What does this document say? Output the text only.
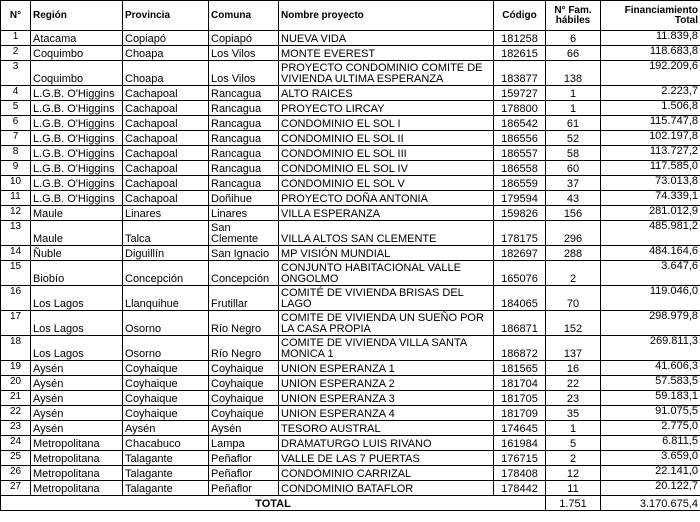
N°	Región	Provincia	Comuna	Nombre proyecto	Código	N° Fam. hábiles	Financiamiento Total
1	Atacama	Copiapó	Copiapó	NUEVA VIDA	181258	6	11.839,8
2	Coquimbo	Choapa	Los Vilos	MONTE EVEREST	182615	66	118.683,8
3	Coquimbo	Choapa	Los Vilos	PROYECTO CONDOMINIO COMITE DE VIVIENDA ULTIMA ESPERANZA	183877	138	192.209,6
4	L.G.B. O'Higgins	Cachapoal	Rancagua	ALTO RAICES	159727	1	2.223,7
5	L.G.B. O'Higgins	Cachapoal	Rancagua	PROYECTO LIRCAY	178800	1	1.506,8
6	L.G.B. O'Higgins	Cachapoal	Rancagua	CONDOMINIO EL SOL I	186542	61	115.747,8
7	L.G.B. O'Higgins	Cachapoal	Rancagua	CONDOMINIO EL SOL II	186556	52	102.197,8
8	L.G.B. O'Higgins	Cachapoal	Rancagua	CONDOMINIO EL SOL III	186557	58	113.727,2
9	L.G.B. O'Higgins	Cachapoal	Rancagua	CONDOMINIO EL SOL IV	186558	60	117.585,0
10	L.G.B. O'Higgins	Cachapoal	Rancagua	CONDOMINIO EL SOL V	186559	37	73.013,8
11	L.G.B. O'Higgins	Cachapoal	Doñihue	PROYECTO DOÑA ANTONIA	179594	43	74.339,1
12	Maule	Linares	Linares	VILLA ESPERANZA	159826	156	281.012,9
13	Maule	Talca	San Clemente	VILLA ALTOS SAN CLEMENTE	178175	296	485.981,2
14	Ñuble	Diguillín	San Ignacio	MP VISIÓN MUNDIAL	182697	288	484.164,6
15	Biobío	Concepción	Concepción	CONJUNTO HABITACIONAL VALLE ONGOLMO	165076	2	3.647,6
16	Los Lagos	Llanquihue	Frutillar	COMITÉ DE VIVIENDA BRISAS DEL LAGO	184065	70	119.046,0
17	Los Lagos	Osorno	Río Negro	COMITE DE VIVIENDA UN SUEÑO POR LA CASA PROPIA	186871	152	298.979,8
18	Los Lagos	Osorno	Río Negro	COMITE DE VIVIENDA VILLA SANTA MONICA 1	186872	137	269.811,3
19	Aysén	Coyhaique	Coyhaique	UNION ESPERANZA 1	181565	16	41.606,3
20	Aysén	Coyhaique	Coyhaique	UNION ESPERANZA 2	181704	22	57.583,5
21	Aysén	Coyhaique	Coyhaique	UNION ESPERANZA 3	181705	23	59.183,1
22	Aysén	Coyhaique	Coyhaique	UNION ESPERANZA 4	181709	35	91.075,5
23	Aysén	Aysén	Aysén	TESORO AUSTRAL	174645	1	2.775,0
24	Metropolitana	Chacabuco	Lampa	DRAMATURGO LUIS RIVANO	161984	5	6.811,5
25	Metropolitana	Talagante	Peñaflor	VALLE DE LAS 7 PUERTAS	176715	2	3.659,0
26	Metropolitana	Talagante	Peñaflor	CONDOMINIO CARRIZAL	178408	12	22.141,0
27	Metropolitana	Talagante	Peñaflor	CONDOMINIO BATAFLOR	178442	11	20.122,7
TOTAL						1.751	3.170.675,4
